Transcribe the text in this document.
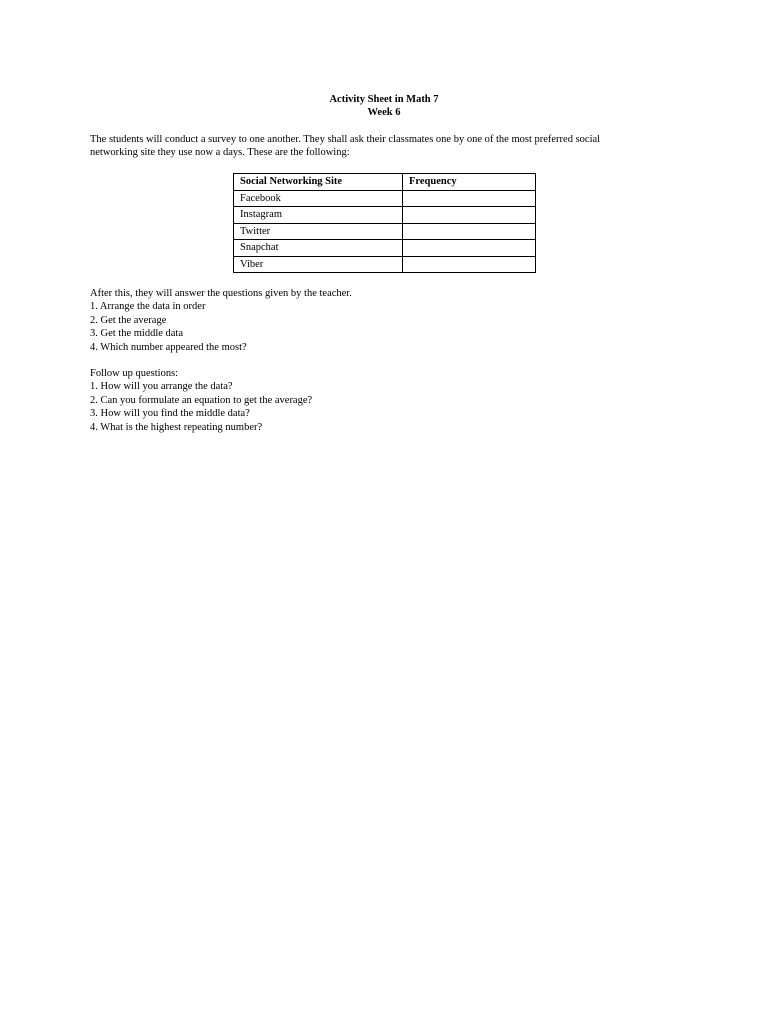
Activity Sheet in Math 7
Week 6
The students will conduct a survey to one another. They shall ask their classmates one by one of the most preferred social
networking site they use now a days. These are the following:
Social Networking Site	Frequency
Facebook	
Instagram	
Twitter	
Snapchat	
Viber	
After this, they will answer the questions given by the teacher.
1. Arrange the data in order
2. Get the average
3. Get the middle data
4. Which number appeared the most?
Follow up questions:
1. How will you arrange the data?
2. Can you formulate an equation to get the average?
3. How will you find the middle data?
4. What is the highest repeating number?
